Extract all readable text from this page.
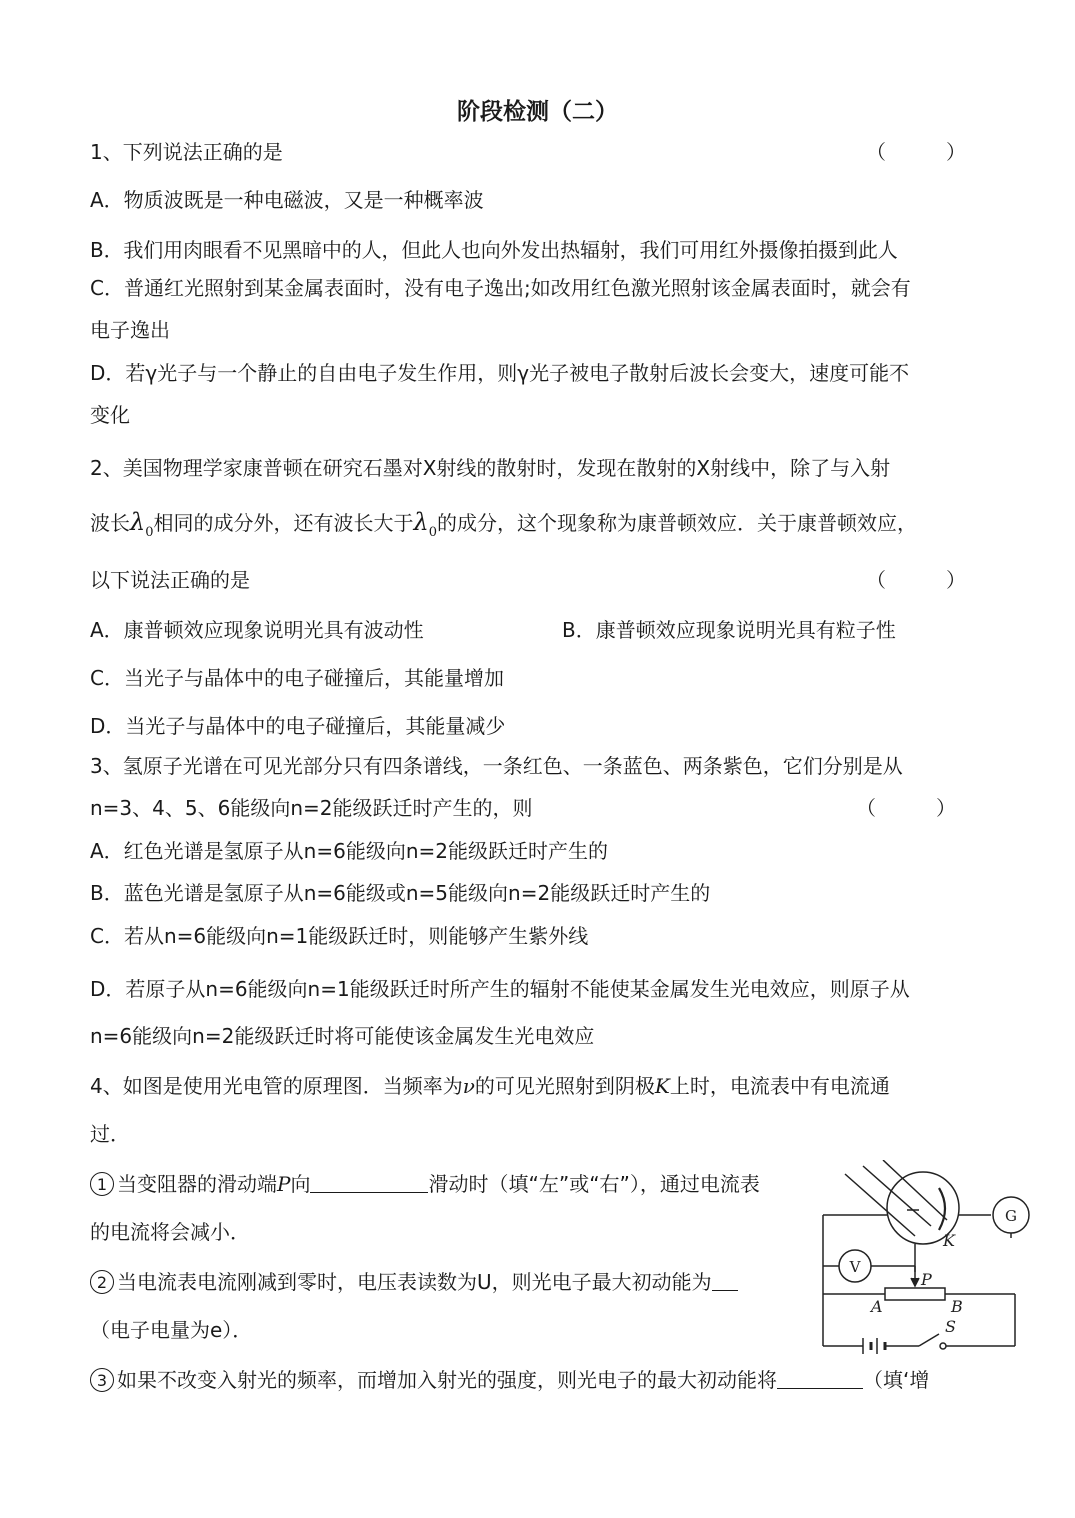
阶段检测（二）
1、下列说法正确的是	（　　　）
A．物质波既是一种电磁波，又是一种概率波
B．我们用肉眼看不见黑暗中的人，但此人也向外发出热辐射，我们可用红外摄像拍摄到此人
C．普通红光照射到某金属表面时，没有电子逸出;如改用红色激光照射该金属表面时，就会有
电子逸出
D．若γ光子与一个静止的自由电子发生作用，则γ光子被电子散射后波长会变大，速度可能不
变化
2、美国物理学家康普顿在研究石墨对X射线的散射时，发现在散射的X射线中，除了与入射
波长$\lambda_0$相同的成分外，还有波长大于$\lambda_0$的成分，这个现象称为康普顿效应．关于康普顿效应，
以下说法正确的是	（　　　）
A．康普顿效应现象说明光具有波动性	B．康普顿效应现象说明光具有粒子性
C．当光子与晶体中的电子碰撞后，其能量增加
D．当光子与晶体中的电子碰撞后，其能量减少
3、氢原子光谱在可见光部分只有四条谱线，一条红色、一条蓝色、两条紫色，它们分别是从
n=3、4、5、6能级向n=2能级跃迁时产生的，则	（　　　）
A．红色光谱是氢原子从n=6能级向n=2能级跃迁时产生的
B．蓝色光谱是氢原子从n=6能级或n=5能级向n=2能级跃迁时产生的
C．若从n=6能级向n=1能级跃迁时，则能够产生紫外线
D．若原子从n=6能级向n=1能级跃迁时所产生的辐射不能使某金属发生光电效应，则原子从
n=6能级向n=2能级跃迁时将可能使该金属发生光电效应
4、如图是使用光电管的原理图．当频率为ν的可见光照射到阴极K上时，电流表中有电流通
过．
1 当变阻器的滑动端P向	滑动时（填“左”或“右”），通过电流表
的电流将会减小．
2 当电流表电流刚减到零时，电压表读数为U，则光电子最大初动能为
（电子电量为e）．
3 如果不改变入射光的频率，而增加入射光的强度，则光电子的最大初动能将	（填‘增
K
P
A	B
S
G
V
